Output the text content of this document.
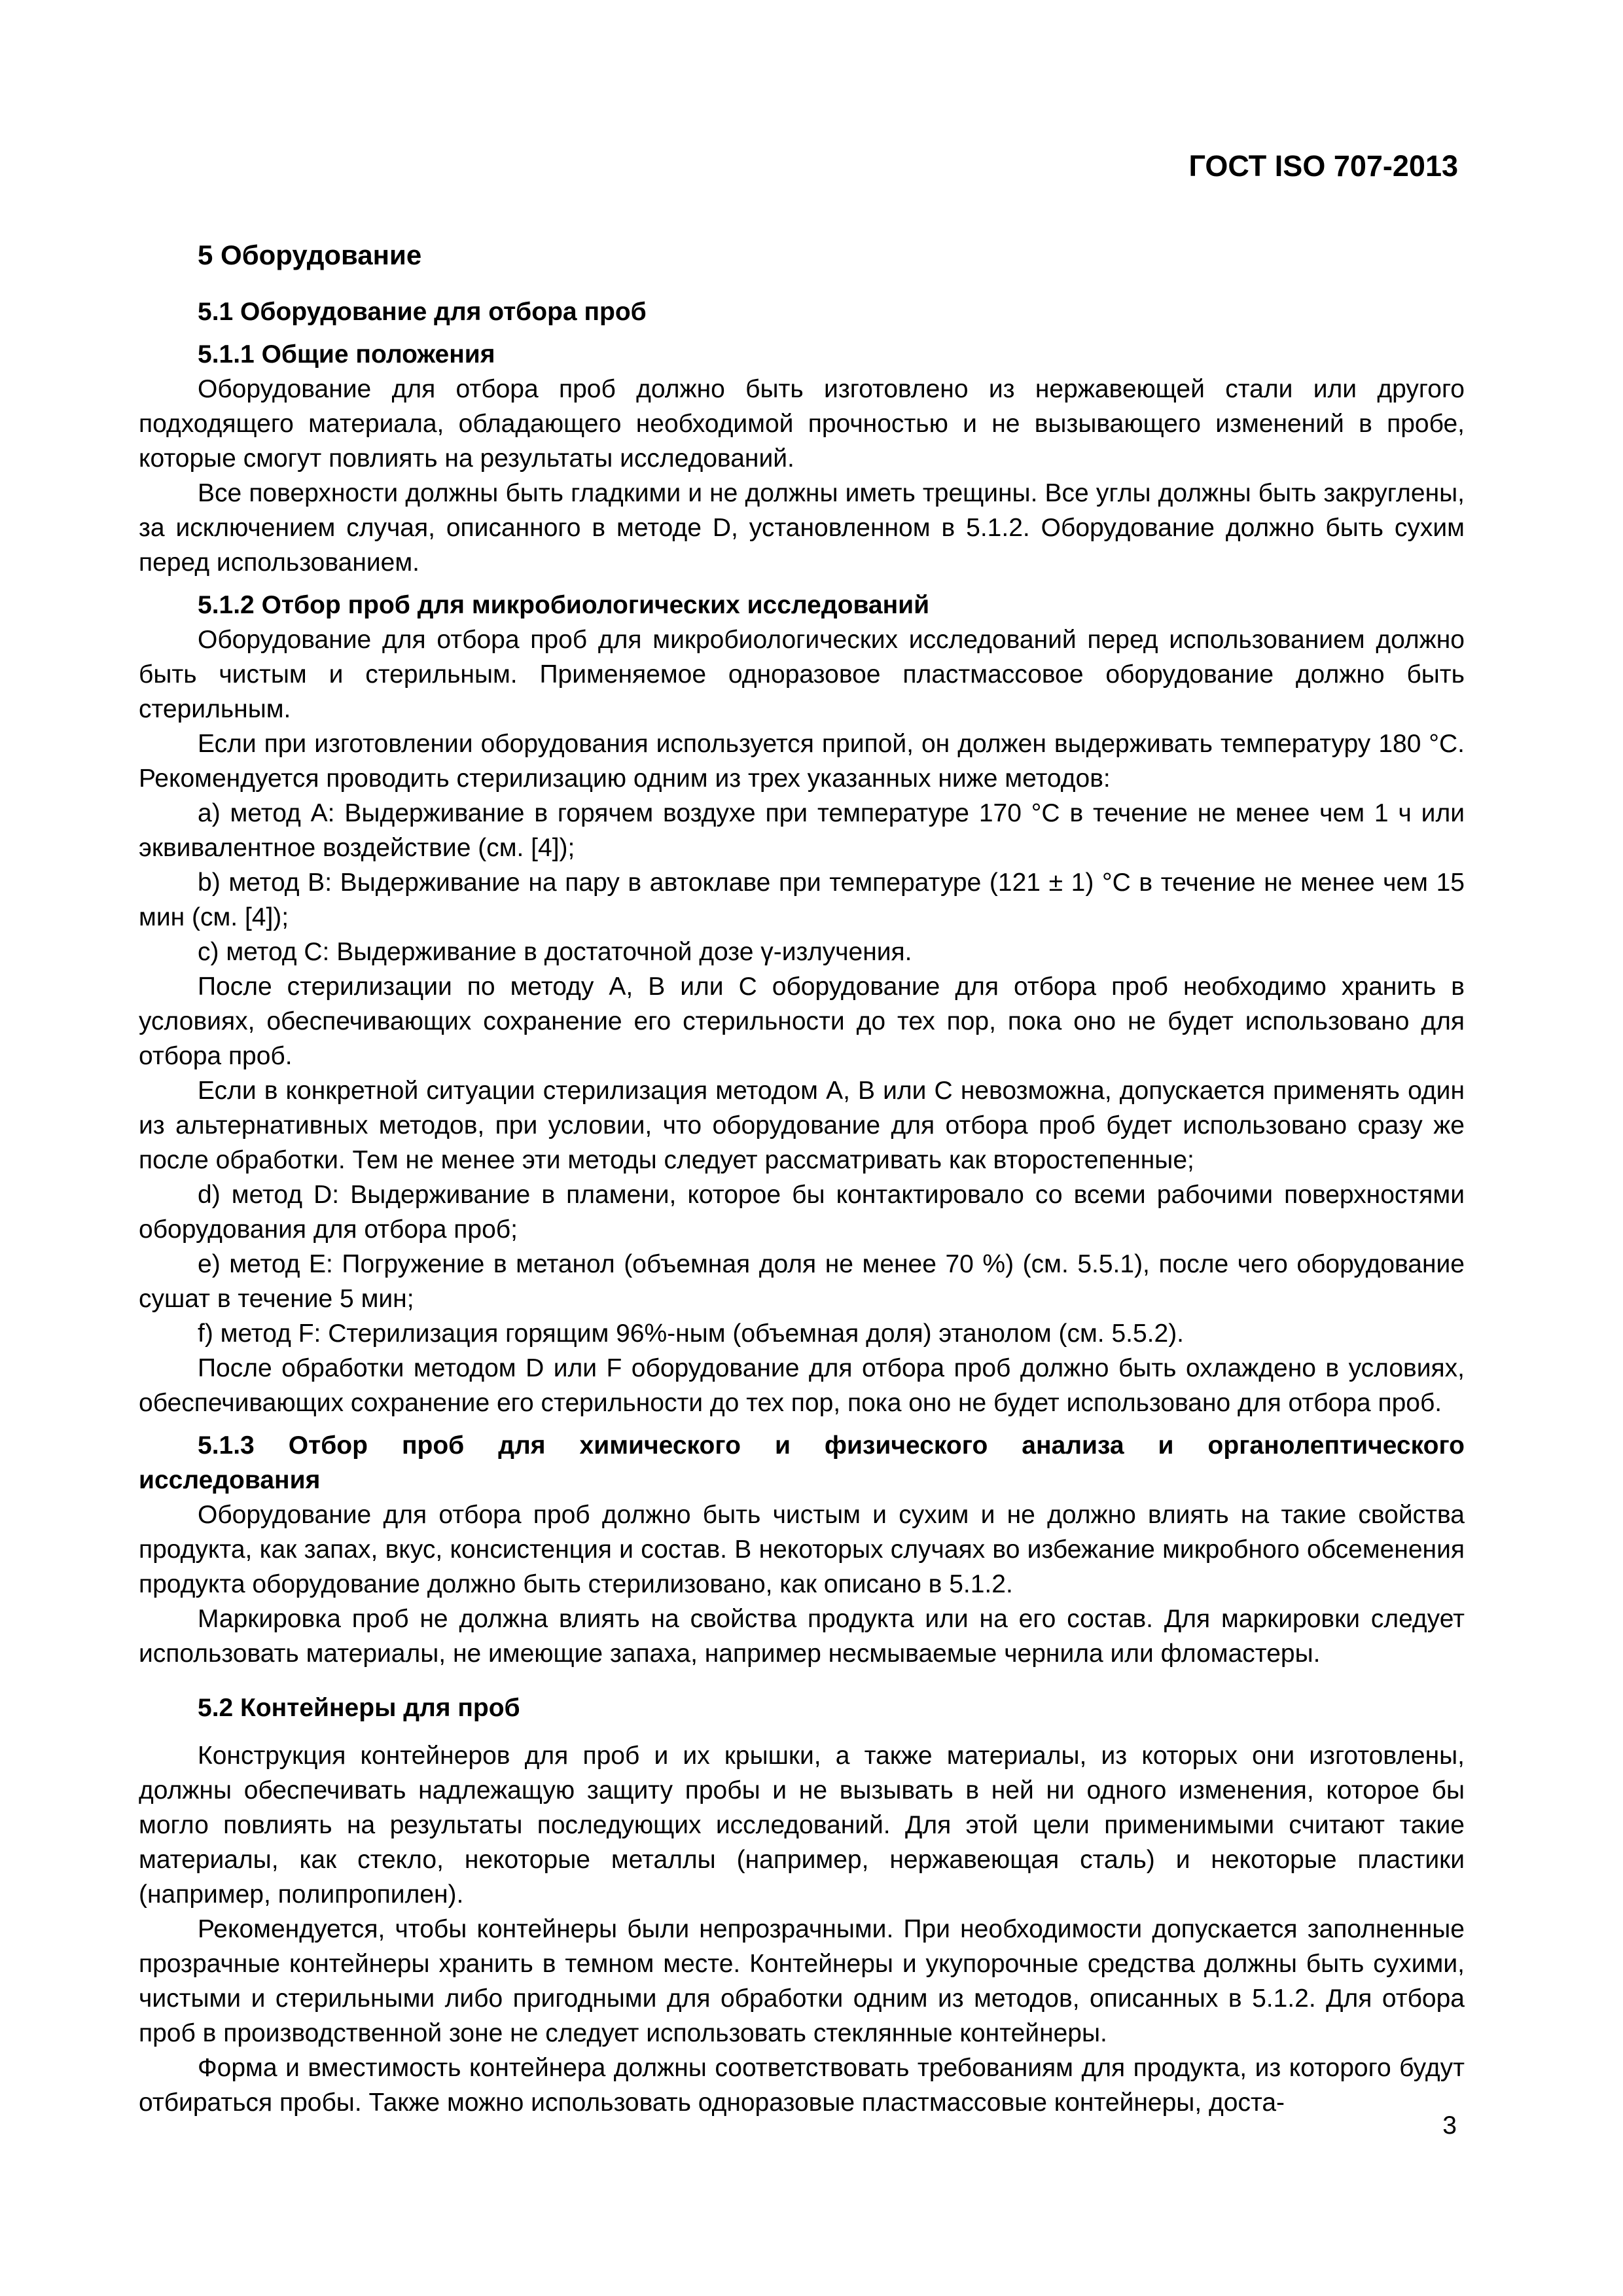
ГОСТ ISO 707-2013
5 Оборудование
5.1 Оборудование для отбора проб
5.1.1 Общие положения

Оборудование для отбора проб должно быть изготовлено из нержавеющей стали или другого подходящего материала, обладающего необходимой прочностью и не вызывающего изменений в пробе, которые смогут повлиять на результаты исследований.

Все поверхности должны быть гладкими и не должны иметь трещины. Все углы должны быть закруглены, за исключением случая, описанного в методе D, установленном в 5.1.2. Оборудование должно быть сухим перед использованием.

5.1.2 Отбор проб для микробиологических исследований

Оборудование для отбора проб для микробиологических исследований перед использованием должно быть чистым и стерильным. Применяемое одноразовое пластмассовое оборудование должно быть стерильным.

Если при изготовлении оборудования используется припой, он должен выдерживать температуру 180 °С. Рекомендуется проводить стерилизацию одним из трех указанных ниже методов:

а) метод А: Выдерживание в горячем воздухе при температуре 170 °С в течение не менее чем 1 ч или эквивалентное воздействие (см. [4]);

b) метод В: Выдерживание на пару в автоклаве при температуре (121 ± 1) °С в течение не менее чем 15 мин (см. [4]);

с) метод С: Выдерживание в достаточной дозе γ-излучения.

После стерилизации по методу А, В или С оборудование для отбора проб необходимо хранить в условиях, обеспечивающих сохранение его стерильности до тех пор, пока оно не будет использовано для отбора проб.

Если в конкретной ситуации стерилизация методом А, В или С невозможна, допускается применять один из альтернативных методов, при условии, что оборудование для отбора проб будет использовано сразу же после обработки. Тем не менее эти методы следует рассматривать как второстепенные;

d) метод D: Выдерживание в пламени, которое бы контактировало со всеми рабочими поверхностями оборудования для отбора проб;

е) метод Е: Погружение в метанол (объемная доля не менее 70 %) (см. 5.5.1), после чего оборудование сушат в течение 5 мин;

f) метод F: Стерилизация горящим 96%-ным (объемная доля) этанолом (см. 5.5.2).

После обработки методом D или F оборудование для отбора проб должно быть охлаждено в условиях, обеспечивающих сохранение его стерильности до тех пор, пока оно не будет использовано для отбора проб.

5.1.3 Отбор проб для химического и физического анализа и органолептического исследования

Оборудование для отбора проб должно быть чистым и сухим и не должно влиять на такие свойства продукта, как запах, вкус, консистенция и состав. В некоторых случаях во избежание микробного обсеменения продукта оборудование должно быть стерилизовано, как описано в 5.1.2.

Маркировка проб не должна влиять на свойства продукта или на его состав. Для маркировки следует использовать материалы, не имеющие запаха, например несмываемые чернила или фломастеры.

5.2 Контейнеры для проб

Конструкция контейнеров для проб и их крышки, а также материалы, из которых они изготовлены, должны обеспечивать надлежащую защиту пробы и не вызывать в ней ни одного изменения, которое бы могло повлиять на результаты последующих исследований. Для этой цели применимыми считают такие материалы, как стекло, некоторые металлы (например, нержавеющая сталь) и некоторые пластики (например, полипропилен).

Рекомендуется, чтобы контейнеры были непрозрачными. При необходимости допускается заполненные прозрачные контейнеры хранить в темном месте. Контейнеры и укупорочные средства должны быть сухими, чистыми и стерильными либо пригодными для обработки одним из методов, описанных в 5.1.2. Для отбора проб в производственной зоне не следует использовать стеклянные контейнеры.

Форма и вместимость контейнера должны соответствовать требованиям для продукта, из которого будут отбираться пробы. Также можно использовать одноразовые пластмассовые контейнеры, доста-

3
